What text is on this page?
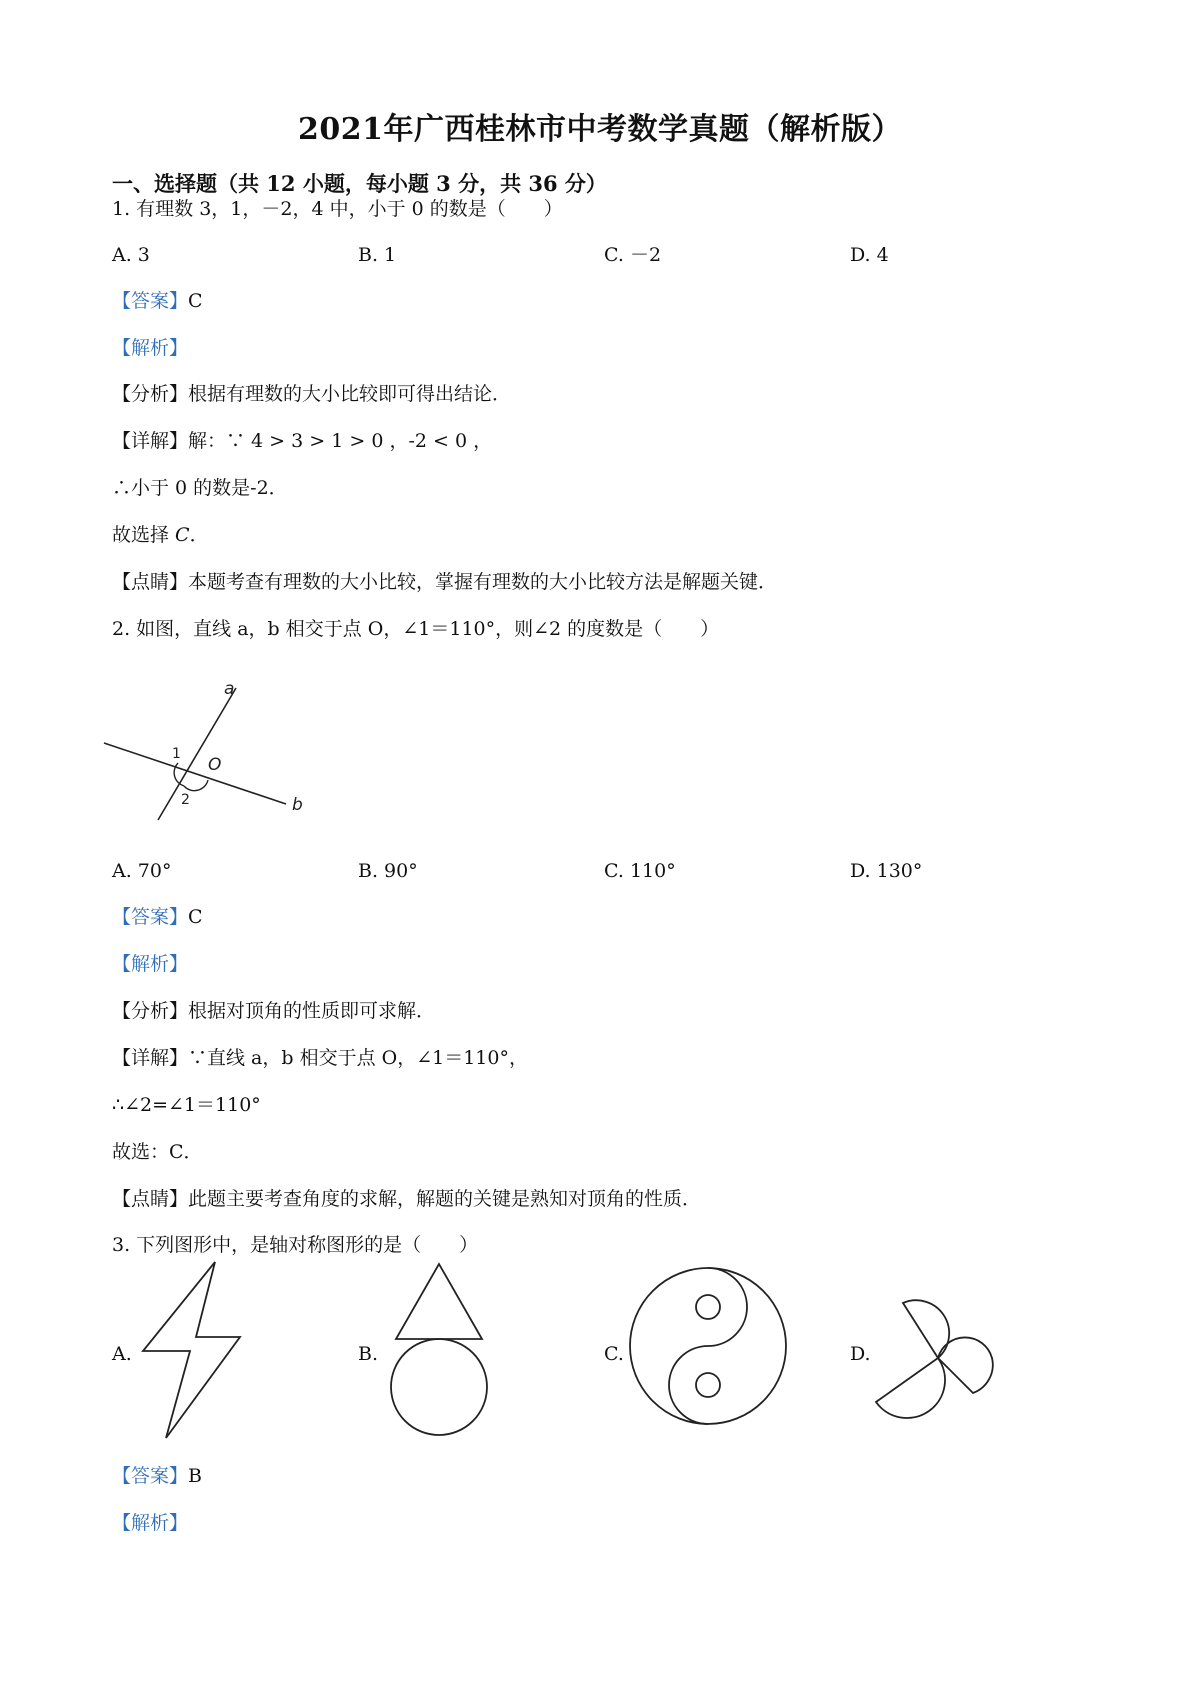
2021年广西桂林市中考数学真题（解析版）
一、选择题（共 12 小题，每小题 3 分，共 36 分）
1. 有理数 3，1，－2，4 中，小于 0 的数是（　　）
A. 3	B. 1	C. －2	D. 4
【答案】C
【解析】
【分析】根据有理数的大小比较即可得出结论．
【详解】解：∵ 4 > 3 > 1 > 0 ，-2 < 0 ，
∴小于 0 的数是-2．
故选择 C．
【点睛】本题考查有理数的大小比较，掌握有理数的大小比较方法是解题关键．
2. 如图，直线 a，b 相交于点 O，∠1＝110°，则∠2 的度数是（　　）
a
b
O
1
2
A. 70°	B. 90°	C. 110°	D. 130°
【答案】C
【解析】
【分析】根据对顶角的性质即可求解．
【详解】∵直线 a，b 相交于点 O，∠1＝110°，
∴∠2=∠1＝110°
故选：C．
【点睛】此题主要考查角度的求解，解题的关键是熟知对顶角的性质．
3. 下列图形中，是轴对称图形的是（　　）
A.	B.	C.	D.
【答案】B
【解析】
